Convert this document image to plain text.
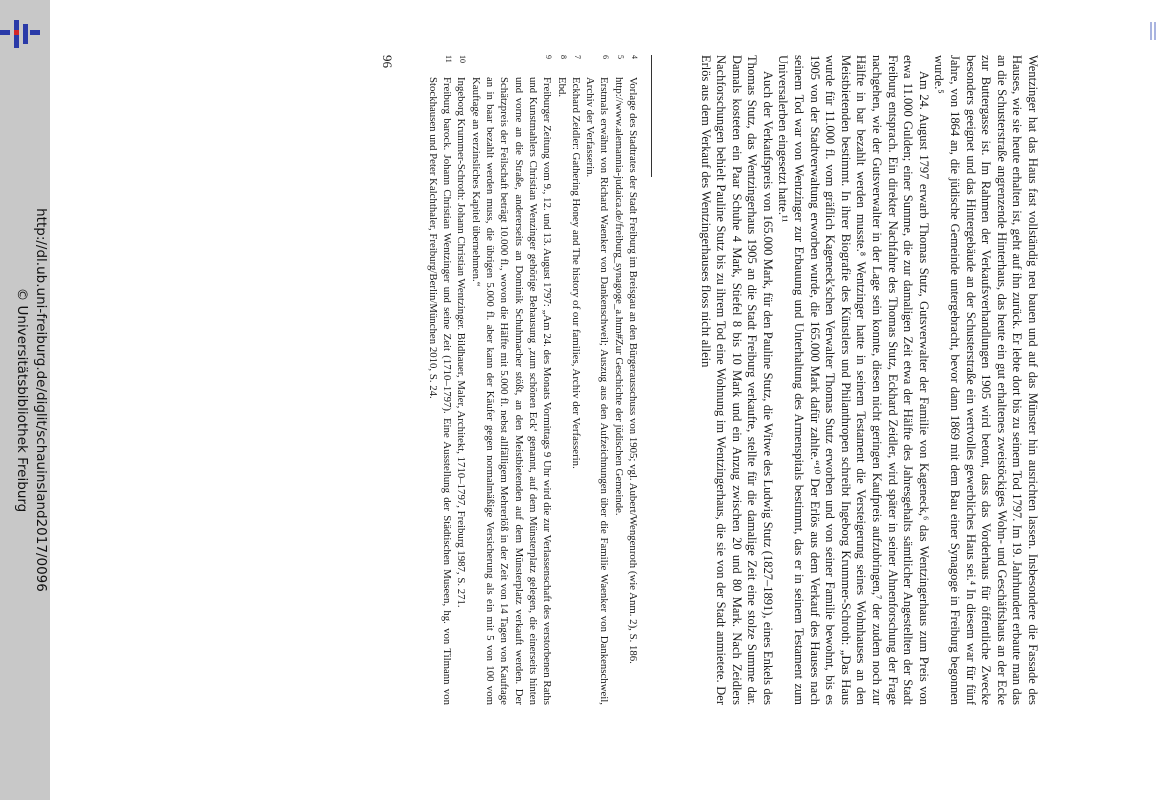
http://dl.ub.uni-freiburg.de/diglit/schauinsland2017/0096
© Universitätsbibliothek Freiburg	Wentzinger hat das Haus fast vollständig neu bauen und auf das Münster hin ausrichten lassen. Insbesondere die Fassade des Hauses, wie sie heute erhalten ist, geht auf ihn zurück. Er lebte dort bis zu seinem Tod 1797. Im 19. Jahrhundert erbaute man das an die Schusterstraße angrenzende Hinterhaus, das heute ein gut erhaltenes zweistöckiges Wohn- und Geschäftshaus an der Ecke zur Buttergasse ist. Im Rahmen der Verkaufsverhandlungen 1905 wird betont, dass das Vorderhaus für öffentliche Zwecke besonders geeignet und das Hintergebäude an der Schusterstraße ein wertvolles gewerbliches Haus sei.⁴ In diesem war für fünf Jahre, von 1864 an, die jüdische Gemeinde untergebracht, bevor dann 1869 mit dem Bau einer Synagoge in Freiburg begonnen wurde.⁵

Am 24. August 1797 erwarb Thomas Stutz, Gutsverwalter der Familie von Kageneck,⁶ das Wentzingerhaus zum Preis von etwa 11.000 Gulden; einer Summe, die zur damaligen Zeit etwa der Hälfte des Jahresgehalts sämtlicher Angestellten der Stadt Freiburg entsprach. Ein direkter Nachfahre des Thomas Stutz, Eckhard Zeidler, wird später in seiner Ahnenforschung der Frage nachgehen, wie der Gutsverwalter in der Lage sein konnte, diesen nicht geringen Kaufpreis aufzubringen,⁷ der zudem noch zur Hälfte in bar bezahlt werden musste.⁸ Wentzinger hatte in seinem Testament die Versteigerung seines Wohnhauses an den Meistbietenden bestimmt. In ihrer Biografie des Künstlers und Philanthropen schreibt Ingeborg Krummer-Schroth: „Das Haus wurde für 11.000 fl. vom gräflich Kageneck'schen Verwalter Thomas Stutz erworben und von seiner Familie bewohnt, bis es 1905 von der Stadtverwaltung erworben wurde, die 165.000 Mark dafür zahlte.“¹⁰ Der Erlös aus dem Verkauf des Hauses nach seinem Tod war von Wentzinger zur Erbauung und Unterhaltung des Armenspitals bestimmt, das er in seinem Testament zum Universalerben eingesetzt hatte.¹¹

Auch der Verkaufspreis von 165.000 Mark, für den Pauline Stutz, die Witwe des Ludwig Stutz (1827–1891), eines Enkels des Thomas Stutz, das Wentzingerhaus 1905 an die Stadt Freiburg verkaufte, stellte für die damalige Zeit eine stolze Summe dar. Damals kosteten ein Paar Schuhe 4 Mark, Stiefel 8 bis 10 Mark und ein Anzug zwischen 20 und 80 Mark. Nach Zeidlers Nachforschungen behielt Pauline Stutz bis zu ihrem Tod eine Wohnung im Wentzingerhaus, die sie von der Stadt anmietete. Der Erlös aus dem Verkauf des Wentzingerhauses floss nicht allein

4
Vorlage des Stadtrates der Stadt Freiburg im Breisgau an den Bürgerausschuss von 1905; vgl. Aubert/Wengenroth (wie Anm. 2), S. 186.
5
http://www.alemannia-judaica.de/freiburg_synagoge_a.htm#Zur Geschichte der jüdischen Gemeinde.
6
Erstmals erwähnt von Richard Waenker von Dankenschweil; Auszug aus den Aufzeichnungen über die Familie Waenker von Dankenschweil, Archiv der Verfasserin.
7
Eckhard Zeidler: Gathering Honey and The history of our families, Archiv der Verfasserin.
8
Ebd.
9
Freiburger Zeitung vom 9., 12. und 13. August 1797: „Am 24. des Monats Vormittags 9 Uhr wird die zur Verlassenschaft des verstorbenen Raths und Kunstmahlers Christian Wenzinger gehörige Behausung ‚zum schönen Eck‘ genannt, auf dem Münsterplatz gelegen, die einerseits hinten und vorne an die Straße, andererseits an Dominik Schuhmacher stößt, an den Meistbietenden auf dem Münsterplatz verkauft werden. Der Schätzpreis der Feilschaft beträgt 10.000 fl., wovon die Hälfte mit 5.000 fl. nebst allfälligem Mehrerlöß in der Zeit von 14 Tagen von Kauftage an in baar bezahlt werden muss, die übrigen 5.000 fl. aber kann der Käufer gegen normalmäßige Versicherung als ein mit 5 von 100 vom Kauftage an verzinsliches Kapitel übernehmen.“
10
Ingeborg Krummer-Schroth: Johann Christian Wentzinger. Bildhauer, Maler, Architekt, 1710–1797, Freiburg 1987, S. 271.
11
Freiburg barock. Johann Christian Wentzinger und seine Zeit (1710–1797). Eine Ausstellung der Städtischen Museen, hg. von Tilmann von Stockhausen und Peter Kalchthaler, Freiburg/Berlin/München 2010, S. 24.
96
